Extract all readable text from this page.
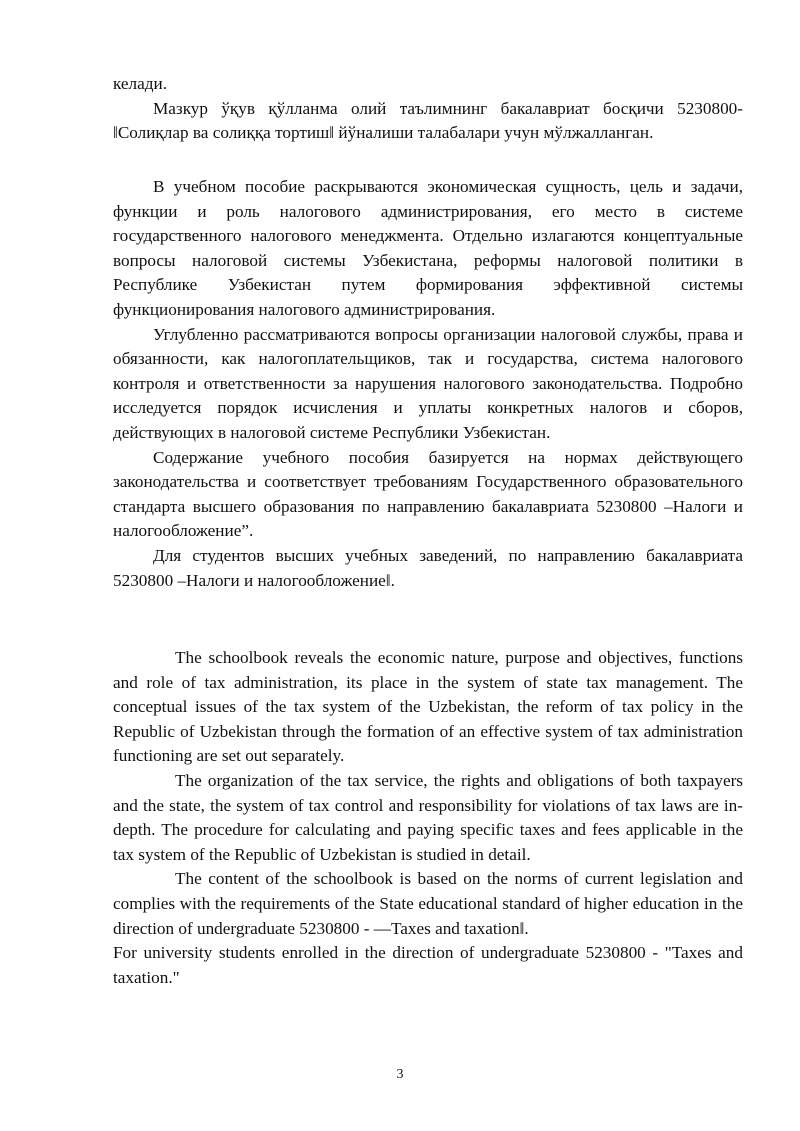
келади.

Мазкур ўқув қўлланма олий таълимнинг бакалавриат босқичи 5230800-‖Солиқлар ва солиққа тортиш‖ йўналиши талабалари учун мўлжалланган.

В учебном пособие раскрываются экономическая сущность, цель и задачи, функции и роль налогового администрирования, его место в системе государственного налогового менеджмента. Отдельно излагаются концептуальные вопросы налоговой системы Узбекистана, реформы налоговой политики в Республике Узбекистан путем формирования эффективной системы функционирования налогового администрирования.

Углубленно рассматриваются вопросы организации налоговой службы, права и обязанности, как налогоплательщиков, так и государства, система налогового контроля и ответственности за нарушения налогового законодательства. Подробно исследуется порядок исчисления и уплаты конкретных налогов и сборов, действующих в налоговой системе Республики Узбекистан.

Содержание учебного пособия базируется на нормах действующего законодательства и соответствует требованиям Государственного образовательного стандарта высшего образования по направлению бакалавриата 5230800 –Налоги и налогообложение”.

Для студентов высших учебных заведений, по направлению бакалавриата 5230800 –Налоги и налогообложение‖.

The schoolbook reveals the economic nature, purpose and objectives, functions and role of tax administration, its place in the system of state tax management. The conceptual issues of the tax system of the Uzbekistan, the reform of tax policy in the Republic of Uzbekistan through the formation of an effective system of tax administration functioning are set out separately.

The organization of the tax service, the rights and obligations of both taxpayers and the state, the system of tax control and responsibility for violations of tax laws are in-depth. The procedure for calculating and paying specific taxes and fees applicable in the tax system of the Republic of Uzbekistan is studied in detail.

The content of the schoolbook is based on the norms of current legislation and complies with the requirements of the State educational standard of higher education in the direction of undergraduate 5230800 - ―Taxes and taxation‖.

For university students enrolled in the direction of undergraduate 5230800 - "Taxes and taxation."

3
